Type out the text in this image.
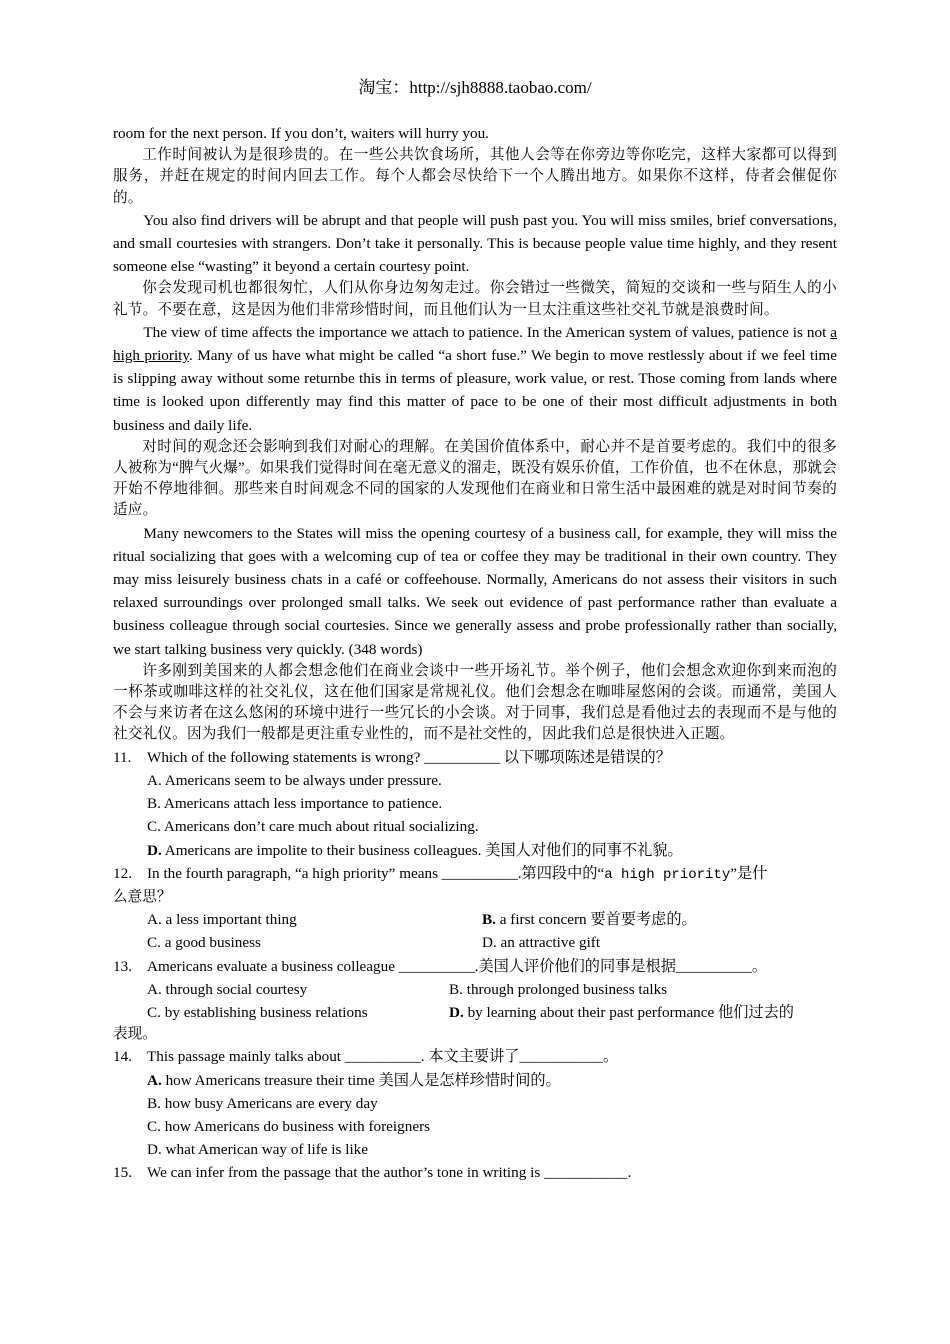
淘宝：http://sjh8888.taobao.com/

room for the next person. If you don’t, waiters will hurry you.

工作时间被认为是很珍贵的。在一些公共饮食场所，其他人会等在你旁边等你吃完，这样大家都可以得到服务，并赶在规定的时间内回去工作。每个人都会尽快给下一个人腾出地方。如果你不这样，侍者会催促你的。

You also find drivers will be abrupt and that people will push past you. You will miss smiles, brief conversations, and small courtesies with strangers. Don’t take it personally. This is because people value time highly, and they resent someone else “wasting” it beyond a certain courtesy point.

你会发现司机也都很匆忙，人们从你身边匆匆走过。你会错过一些微笑，简短的交谈和一些与陌生人的小礼节。不要在意，这是因为他们非常珍惜时间，而且他们认为一旦太注重这些社交礼节就是浪费时间。

The view of time affects the importance we attach to patience. In the American system of values, patience is not a high priority. Many of us have what might be called “a short fuse.” We begin to move restlessly about if we feel time is slipping away without some returnbe this in terms of pleasure, work value, or rest. Those coming from lands where time is looked upon differently may find this matter of pace to be one of their most difficult adjustments in both business and daily life.

对时间的观念还会影响到我们对耐心的理解。在美国价值体系中，耐心并不是首要考虑的。我们中的很多人被称为“脾气火爆”。如果我们觉得时间在毫无意义的溜走，既没有娱乐价值，工作价值，也不在休息，那就会开始不停地徘徊。那些来自时间观念不同的国家的人发现他们在商业和日常生活中最困难的就是对时间节奏的适应。

Many newcomers to the States will miss the opening courtesy of a business call, for example, they will miss the ritual socializing that goes with a welcoming cup of tea or coffee they may be traditional in their own country. They may miss leisurely business chats in a café or coffeehouse. Normally, Americans do not assess their visitors in such relaxed surroundings over prolonged small talks. We seek out evidence of past performance rather than evaluate a business colleague through social courtesies. Since we generally assess and probe professionally rather than socially, we start talking business very quickly. (348 words)

许多刚到美国来的人都会想念他们在商业会谈中一些开场礼节。举个例子，他们会想念欢迎你到来而泡的一杯茶或咖啡这样的社交礼仪，这在他们国家是常规礼仪。他们会想念在咖啡屋悠闲的会谈。而通常，美国人不会与来访者在这么悠闲的环境中进行一些冗长的小会谈。对于同事，我们总是看他过去的表现而不是与他的社交礼仪。因为我们一般都是更注重专业性的，而不是社交性的，因此我们总是很快进入正题。

11.	Which of the following statements is wrong? __________ 以下哪项陈述是错误的？
A. Americans seem to be always under pressure.
B. Americans attach less importance to patience.
C. Americans don’t care much about ritual socializing.
D. Americans are impolite to their business colleagues. 美国人对他们的同事不礼貌。
12. In the fourth paragraph, “a high priority” means __________.第四段中的“a high priority”是什
么意思？
A. a less important thing	B. a first concern 要首要考虑的。
C. a good business	D. an attractive gift
13. Americans evaluate a business colleague __________.美国人评价他们的同事是根据__________。
A. through social courtesy	B. through prolonged business talks
C. by establishing business relations	D. by learning about their past performance 他们过去的
表现。
14. This passage mainly talks about __________. 本文主要讲了___________。
A. how Americans treasure their time 美国人是怎样珍惜时间的。
B. how busy Americans are every day
C. how Americans do business with foreigners
D. what American way of life is like
15. We can infer from the passage that the author’s tone in writing is ___________.
